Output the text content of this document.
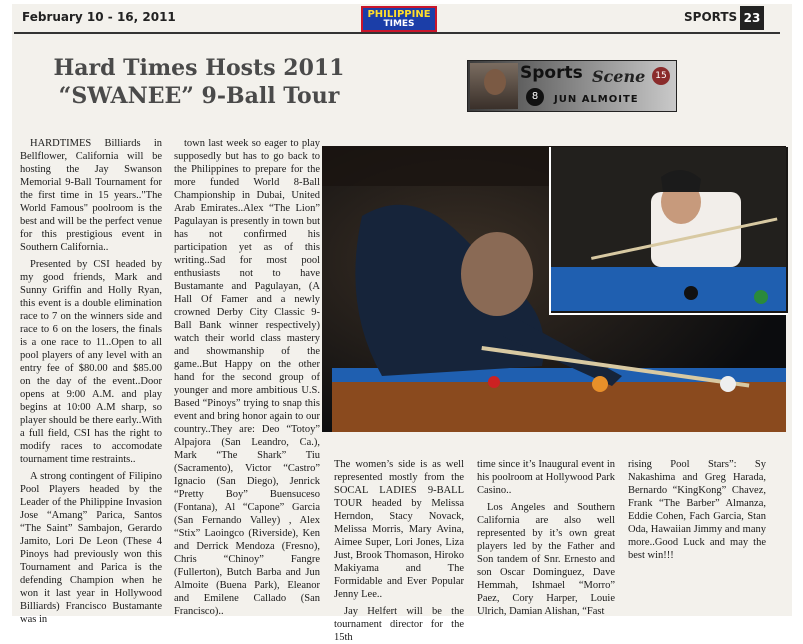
February 10 - 16, 2011	PHILIPPINE
TIMES	SPORTS 23
Hard Times Hosts 2011
“SWANEE” 9-Ball Tour
Sports Scene
8
15
JUN ALMOITE

HARDTIMES Billiards in Bellflower, California will be hosting the Jay Swanson Memorial 9-Ball Tournament for the first time in 15 years.."The World Famous" poolroom is the best and will be the perfect venue for this prestigious event in Southern California..

Presented by CSI headed by my good friends, Mark and Sunny Griffin and Holly Ryan, this event is a double elimination race to 7 on the winners side and race to 6 on the losers, the finals is a one race to 11..Open to all pool players of any level with an entry fee of $80.00 and $85.00 on the day of the event..Door opens at 9:00 A.M. and play begins at 10:00 A.M sharp, so player should be there early..With a full field, CSI has the right to modify races to accomodate tournament time restraints..

A strong contingent of Filipino Pool Players headed by the Leader of the Philippine Invasion Jose “Amang” Parica, Santos “The Saint” Sambajon, Gerardo Jamito, Lori De Leon (These 4 Pinoys had previously won this Tournament and Parica is the defending Champion when he won it last year in Hollywood Billiards) Francisco Bustamante was in

town last week so eager to play supposedly but has to go back to the Philippines to prepare for the more funded World 8-Ball Championship in Dubai, United Arab Emirates..Alex “The Lion” Pagulayan is presently in town but has not confirmed his participation yet as of this writing..Sad for most pool enthusiasts not to have Bustamante and Pagulayan, (A Hall Of Famer and a newly crowned Derby City Classic 9-Ball Bank winner respectively) watch their world class mastery and showmanship of the game..But Happy on the other hand for the second group of younger and more ambitious U.S. Based “Pinoys” trying to snap this event and bring honor again to our country..They are: Deo “Totoy” Alpajora (San Leandro, Ca.), Mark “The Shark” Tiu (Sacramento), Victor “Castro” Ignacio (San Diego), Jenrick “Pretty Boy” Buensuceso (Fontana), Al “Capone” Garcia (San Fernando Valley) , Alex “Stix” Laoingco (Riverside), Ken and Derrick Mendoza (Fresno), Chris “Chinoy” Fangre (Fullerton), Butch Barba and Jun Almoite (Buena Park), Eleanor and Emilene Callado (San Francisco)..

The women’s side is as well represented mostly from the SOCAL LADIES 9-BALL TOUR headed by Melissa Herndon, Stacy Novack, Melissa Morris, Mary Avina, Aimee Super, Lori Jones, Liza Just, Brook Thomason, Hiroko Makiyama and The Formidable and Ever Popular Jenny Lee..

Jay Helfert will be the tournament director for the 15th

time since it’s Inaugural event in his poolroom at Hollywood Park Casino..

Los Angeles and Southern California are also well represented by it’s own great players led by the Father and Son tandem of Snr. Ernesto and son Oscar Dominguez, Dave Hemmah, Ishmael “Morro” Paez, Cory Harper, Louie Ulrich, Damian Alishan, “Fast

rising Pool Stars”: Sy Nakashima and Greg Harada, Bernardo “KingKong” Chavez, Frank “The Barber” Almanza, Eddie Cohen, Fach Garcia, Stan Oda, Hawaiian Jimmy and many more..Good Luck and may the best win!!!
